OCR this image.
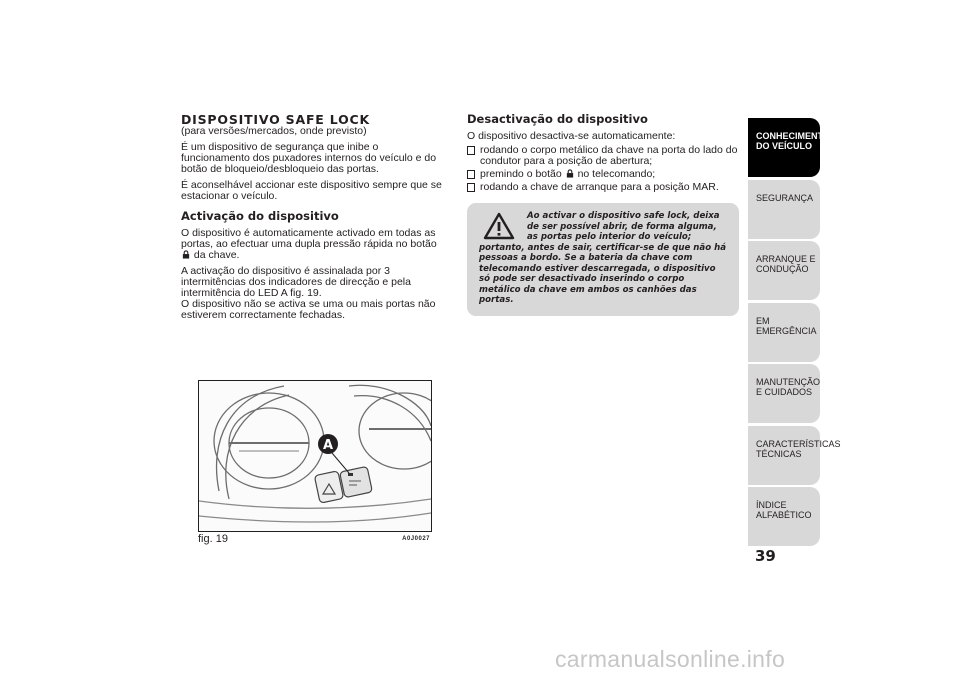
DISPOSITIVO SAFE LOCK
(para versões/mercados, onde previsto)

É um dispositivo de segurança que inibe o funcionamento dos puxadores internos do veículo e do botão de bloqueio/desbloqueio das portas.

É aconselhável accionar este dispositivo sempre que se estacionar o veículo.

Activação do dispositivo

O dispositivo é automaticamente activado em todas as portas, ao efectuar uma dupla pressão rápida no botão  da chave.

A activação do dispositivo é assinalada por 3 intermitências dos indicadores de direcção e pela intermitência do LED A fig. 19.
O dispositivo não se activa se uma ou mais portas não estiverem correctamente fechadas.
Desactivação do dispositivo
O dispositivo desactiva-se automaticamente:
rodando o corpo metálico da chave na porta do lado do condutor para a posição de abertura;
premindo o botão no telecomando;
rodando a chave de arranque para a posição MAR.
Ao activar o dispositivo safe lock, deixa de ser possível abrir, de forma alguma, as portas pelo interior do veículo; portanto, antes de sair, certificar-se de que não há pessoas a bordo. Se a bateria da chave com telecomando estiver descarregada, o dispositivo só pode ser desactivado inserindo o corpo metálico da chave em ambos os canhões das portas.
A
fig. 19	A0J0027
CONHECIMENTO DO VEÍCULO
SEGURANÇA
ARRANQUE E CONDUÇÃO
EM EMERGÊNCIA
MANUTENÇÃO E CUIDADOS
CARACTERÍSTICAS TÉCNICAS
ÍNDICE ALFABÉTICO
39
carmanualsonline.info
